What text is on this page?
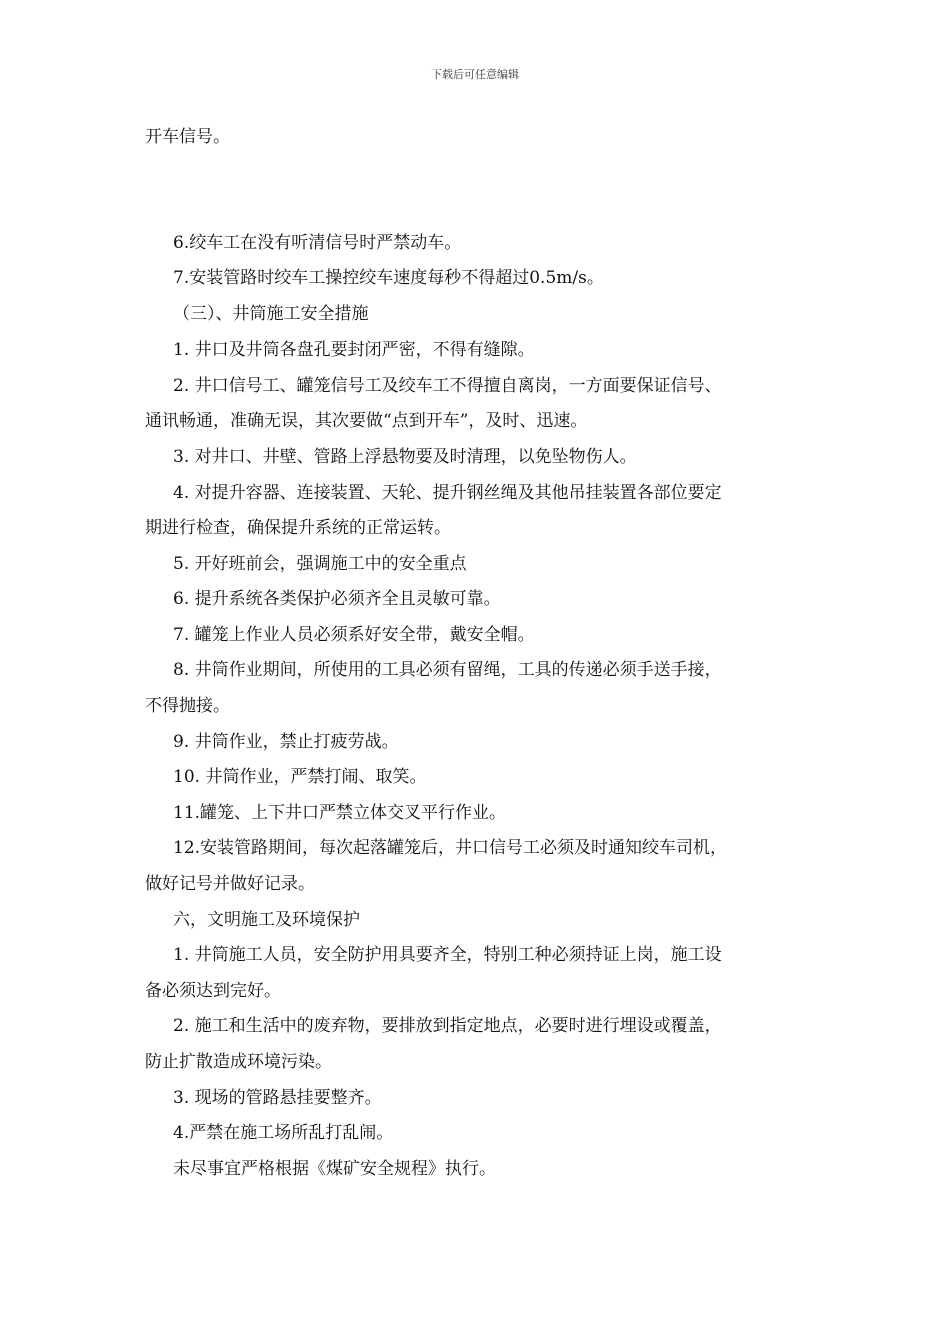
下载后可任意编辑
开车信号。
6.绞车工在没有听清信号时严禁动车。
7.安装管路时绞车工操控绞车速度每秒不得超过0.5m/s。
（三）、井筒施工安全措施
1. 井口及井筒各盘孔要封闭严密，不得有缝隙。
2. 井口信号工、罐笼信号工及绞车工不得擅自离岗，一方面要保证信号、
通讯畅通，准确无误，其次要做“点到开车”，及时、迅速。
3. 对井口、井壁、管路上浮悬物要及时清理，以免坠物伤人。
4. 对提升容器、连接装置、天轮、提升钢丝绳及其他吊挂装置各部位要定
期进行检查，确保提升系统的正常运转。
5. 开好班前会，强调施工中的安全重点
6. 提升系统各类保护必须齐全且灵敏可靠。
7. 罐笼上作业人员必须系好安全带，戴安全帽。
8. 井筒作业期间，所使用的工具必须有留绳，工具的传递必须手送手接，
不得抛接。
9. 井筒作业，禁止打疲劳战。
10. 井筒作业，严禁打闹、取笑。
11.罐笼、上下井口严禁立体交叉平行作业。
12.安装管路期间，每次起落罐笼后，井口信号工必须及时通知绞车司机，
做好记号并做好记录。
六，文明施工及环境保护
1. 井筒施工人员，安全防护用具要齐全，特别工种必须持证上岗，施工设
备必须达到完好。
2. 施工和生活中的废弃物，要排放到指定地点，必要时进行埋设或覆盖，
防止扩散造成环境污染。
3. 现场的管路悬挂要整齐。
4.严禁在施工场所乱打乱闹。
未尽事宜严格根据《煤矿安全规程》执行。
